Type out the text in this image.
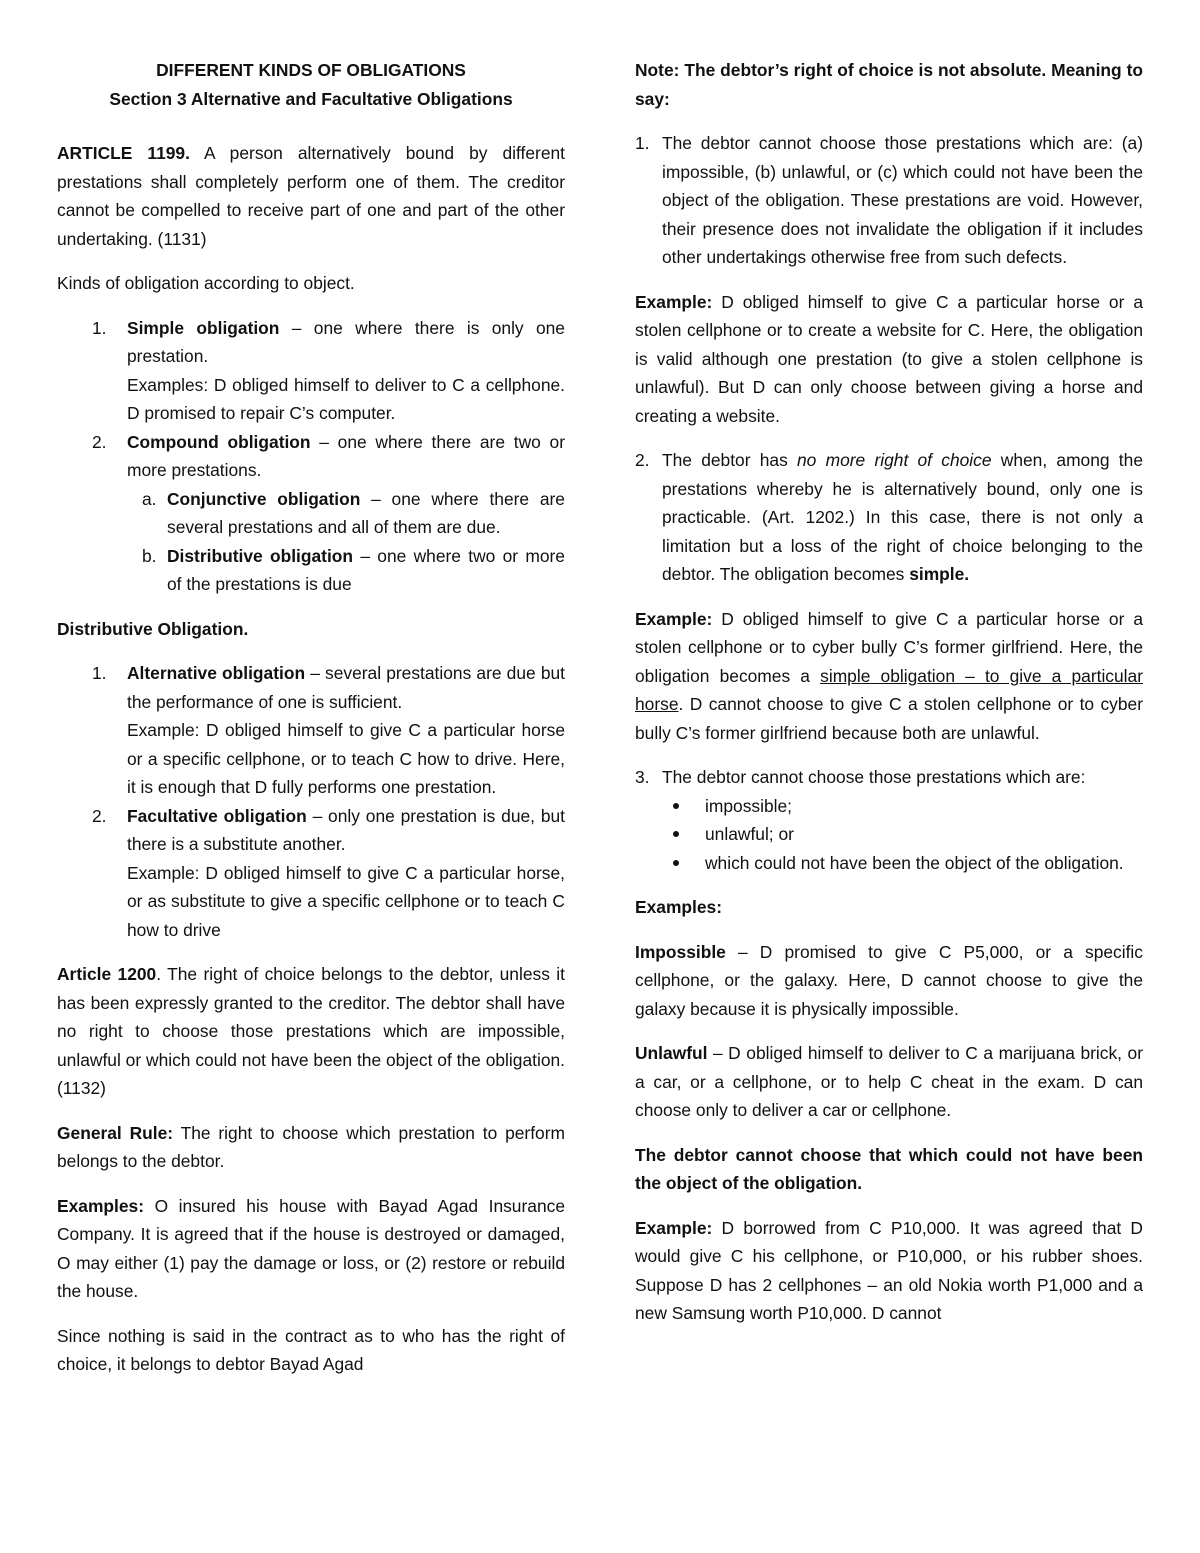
DIFFERENT KINDS OF OBLIGATIONS
Section 3 Alternative and Facultative Obligations

ARTICLE 1199. A person alternatively bound by different prestations shall completely perform one of them. The creditor cannot be compelled to receive part of one and part of the other undertaking. (1131)

Kinds of obligation according to object.

1. Simple obligation – one where there is only one prestation.
Examples: D obliged himself to deliver to C a cellphone. D promised to repair C’s computer.
2. Compound obligation – one where there are two or more prestations.
a. Conjunctive obligation – one where there are several prestations and all of them are due.
b. Distributive obligation – one where two or more of the prestations is due

Distributive Obligation.

1. Alternative obligation – several prestations are due but the performance of one is sufficient.
Example: D obliged himself to give C a particular horse or a specific cellphone, or to teach C how to drive. Here, it is enough that D fully performs one prestation.
2. Facultative obligation – only one prestation is due, but there is a substitute another.
Example: D obliged himself to give C a particular horse, or as substitute to give a specific cellphone or to teach C how to drive

Article 1200. The right of choice belongs to the debtor, unless it has been expressly granted to the creditor. The debtor shall have no right to choose those prestations which are impossible, unlawful or which could not have been the object of the obligation. (1132)

General Rule: The right to choose which prestation to perform belongs to the debtor.

Examples: O insured his house with Bayad Agad Insurance Company. It is agreed that if the house is destroyed or damaged, O may either (1) pay the damage or loss, or (2) restore or rebuild the house.

Since nothing is said in the contract as to who has the right of choice, it belongs to debtor Bayad Agad

Note: The debtor’s right of choice is not absolute. Meaning to say:

1. The debtor cannot choose those prestations which are: (a) impossible, (b) unlawful, or (c) which could not have been the object of the obligation. These prestations are void. However, their presence does not invalidate the obligation if it includes other undertakings otherwise free from such defects.

Example: D obliged himself to give C a particular horse or a stolen cellphone or to create a website for C. Here, the obligation is valid although one prestation (to give a stolen cellphone is unlawful). But D can only choose between giving a horse and creating a website.

2. The debtor has no more right of choice when, among the prestations whereby he is alternatively bound, only one is practicable. (Art. 1202.) In this case, there is not only a limitation but a loss of the right of choice belonging to the debtor. The obligation becomes simple.

Example: D obliged himself to give C a particular horse or a stolen cellphone or to cyber bully C’s former girlfriend. Here, the obligation becomes a simple obligation – to give a particular horse. D cannot choose to give C a stolen cellphone or to cyber bully C’s former girlfriend because both are unlawful.

3. The debtor cannot choose those prestations which are:
impossible;
unlawful; or
which could not have been the object of the obligation.

Examples:

Impossible – D promised to give C P5,000, or a specific cellphone, or the galaxy. Here, D cannot choose to give the galaxy because it is physically impossible.

Unlawful – D obliged himself to deliver to C a marijuana brick, or a car, or a cellphone, or to help C cheat in the exam. D can choose only to deliver a car or cellphone.

The debtor cannot choose that which could not have been the object of the obligation.

Example: D borrowed from C P10,000. It was agreed that D would give C his cellphone, or P10,000, or his rubber shoes. Suppose D has 2 cellphones – an old Nokia worth P1,000 and a new Samsung worth P10,000. D cannot
